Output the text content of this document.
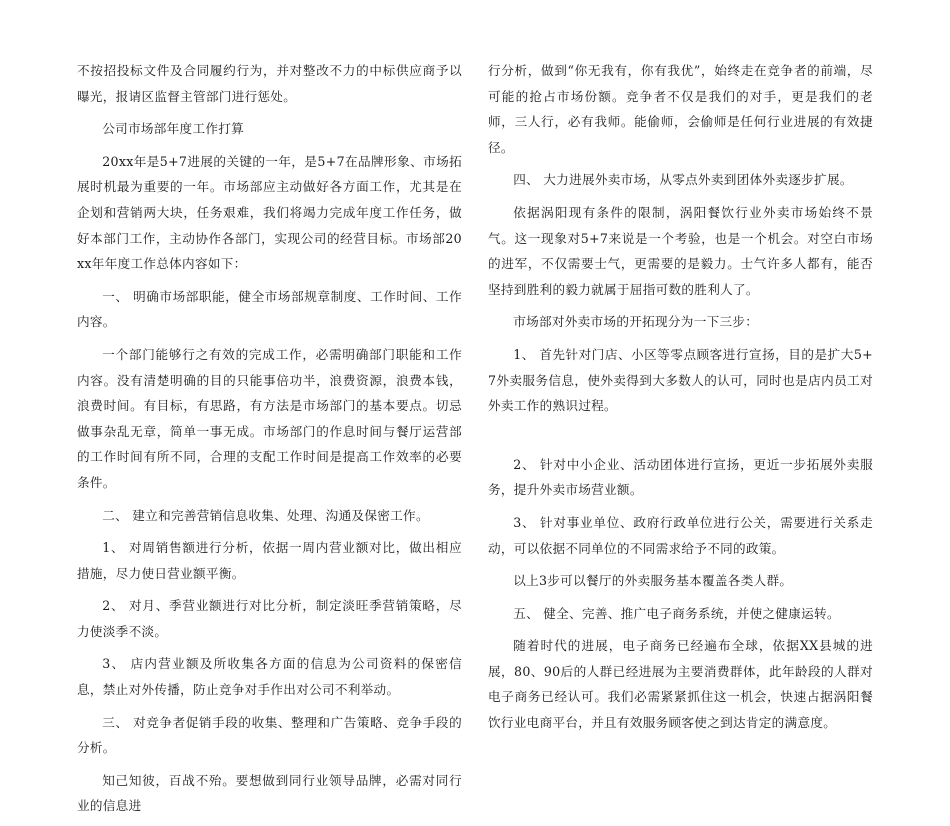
不按招投标文件及合同履约行为，并对整改不力的中标供应商予以曝光，报请区监督主管部门进行惩处。

公司市场部年度工作打算

20xx年是5+7进展的关键的一年，是5+7在品牌形象、市场拓展时机最为重要的一年。市场部应主动做好各方面工作，尤其是在企划和营销两大块，任务艰难，我们将竭力完成年度工作任务，做好本部门工作，主动协作各部门，实现公司的经营目标。市场部20xx年年度工作总体内容如下：

一、 明确市场部职能，健全市场部规章制度、工作时间、工作内容。

一个部门能够行之有效的完成工作，必需明确部门职能和工作内容。没有清楚明确的目的只能事倍功半，浪费资源，浪费本钱，浪费时间。有目标，有思路，有方法是市场部门的基本要点。切忌做事杂乱无章，简单一事无成。市场部门的作息时间与餐厅运营部的工作时间有所不同，合理的支配工作时间是提高工作效率的必要条件。

二、 建立和完善营销信息收集、处理、沟通及保密工作。

1、 对周销售额进行分析，依据一周内营业额对比，做出相应措施，尽力使日营业额平衡。

2、 对月、季营业额进行对比分析，制定淡旺季营销策略，尽力使淡季不淡。

3、 店内营业额及所收集各方面的信息为公司资料的保密信息，禁止对外传播，防止竞争对手作出对公司不利举动。

三、 对竞争者促销手段的收集、整理和广告策略、竞争手段的分析。

知己知彼，百战不殆。要想做到同行业领导品牌，必需对同行业的信息进

行分析，做到“你无我有，你有我优”，始终走在竞争者的前端，尽可能的抢占市场份额。竞争者不仅是我们的对手，更是我们的老师，三人行，必有我师。能偷师，会偷师是任何行业进展的有效捷径。

四、 大力进展外卖市场，从零点外卖到团体外卖逐步扩展。

依据涡阳现有条件的限制，涡阳餐饮行业外卖市场始终不景气。这一现象对5+7来说是一个考验，也是一个机会。对空白市场的进军，不仅需要士气，更需要的是毅力。士气许多人都有，能否坚持到胜利的毅力就属于屈指可数的胜利人了。

市场部对外卖市场的开拓现分为一下三步：

1、 首先针对门店、小区等零点顾客进行宣扬，目的是扩大5+7外卖服务信息，使外卖得到大多数人的认可，同时也是店内员工对外卖工作的熟识过程。

2、 针对中小企业、活动团体进行宣扬，更近一步拓展外卖服务，提升外卖市场营业额。

3、 针对事业单位、政府行政单位进行公关，需要进行关系走动，可以依据不同单位的不同需求给予不同的政策。

以上3步可以餐厅的外卖服务基本覆盖各类人群。

五、 健全、完善、推广电子商务系统，并使之健康运转。

随着时代的进展，电子商务已经遍布全球，依据XX县城的进展，80、90后的人群已经进展为主要消费群体，此年龄段的人群对电子商务已经认可。我们必需紧紧抓住这一机会，快速占据涡阳餐饮行业电商平台，并且有效服务顾客使之到达肯定的满意度。
